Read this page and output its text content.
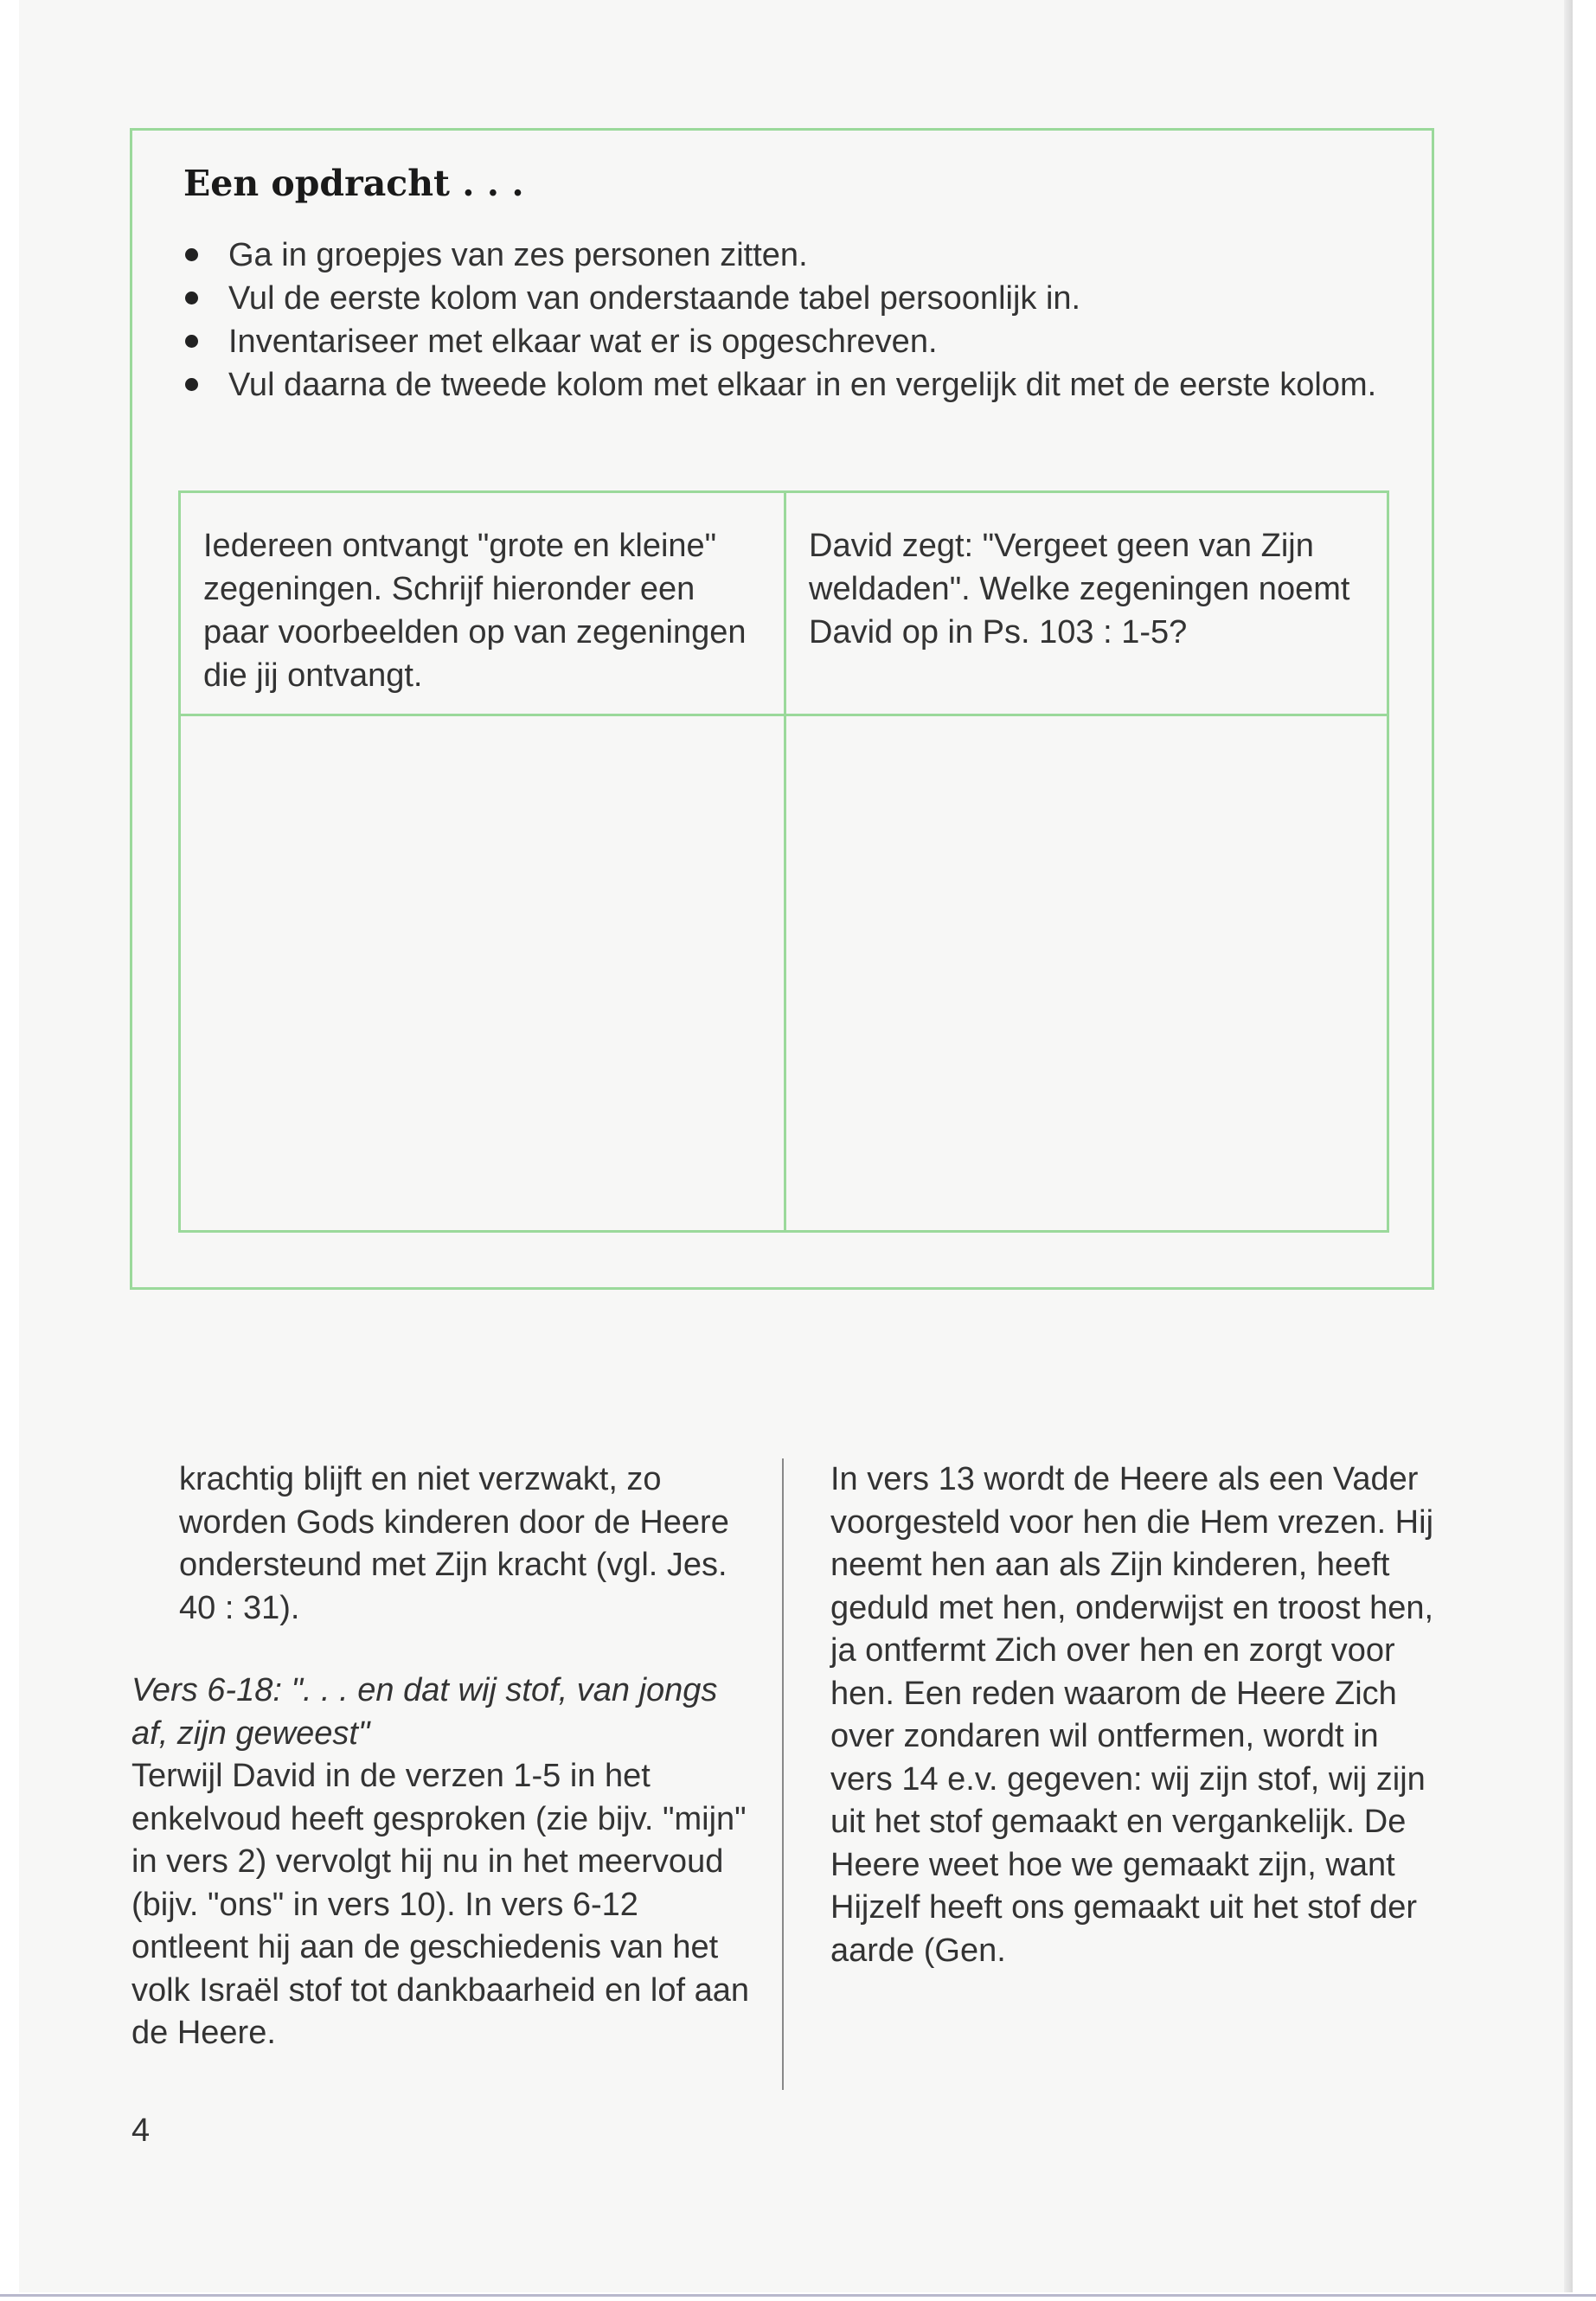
Een opdracht . . .
Ga in groepjes van zes personen zitten.
Vul de eerste kolom van onderstaande tabel persoonlijk in.
Inventariseer met elkaar wat er is opgeschreven.
Vul daarna de tweede kolom met elkaar in en vergelijk dit met de eerste kolom.
Iedereen ontvangt "grote en kleine" zegeningen. Schrijf hieronder een paar voorbeelden op van zegeningen die jij ontvangt.	David zegt: "Vergeet geen van Zijn weldaden". Welke zegeningen noemt David op in Ps. 103 : 1-5?

krachtig blijft en niet verzwakt, zo worden Gods kinderen door de Heere ondersteund met Zijn kracht (vgl. Jes. 40 : 31).

Vers 6-18: ". . . en dat wij stof, van jongs af, zijn geweest"

Terwijl David in de verzen 1-5 in het enkelvoud heeft gesproken (zie bijv. "mijn" in vers 2) vervolgt hij nu in het meervoud (bijv. "ons" in vers 10). In vers 6-12 ontleent hij aan de geschiedenis van het volk Israël stof tot dankbaarheid en lof aan de Heere.

In vers 13 wordt de Heere als een Vader voorgesteld voor hen die Hem vrezen. Hij neemt hen aan als Zijn kinderen, heeft geduld met hen, onderwijst en troost hen, ja ontfermt Zich over hen en zorgt voor hen. Een reden waarom de Heere Zich over zondaren wil ontfermen, wordt in vers 14 e.v. gegeven: wij zijn stof, wij zijn uit het stof gemaakt en vergankelijk. De Heere weet hoe we gemaakt zijn, want Hijzelf heeft ons gemaakt uit het stof der aarde (Gen.

4
